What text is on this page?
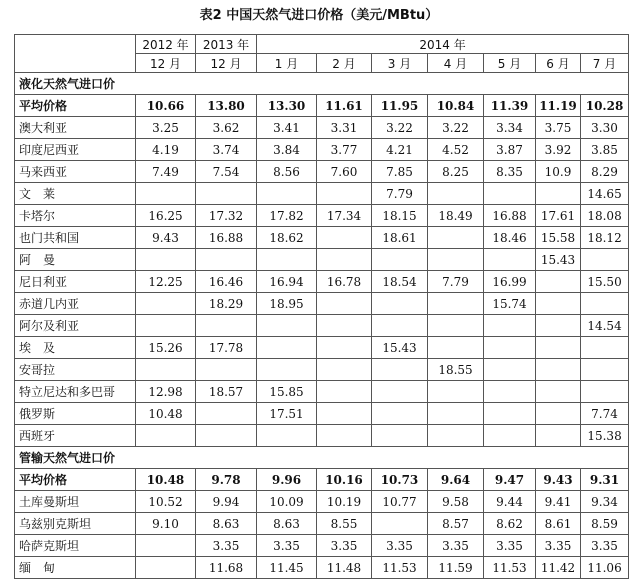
表2 中国天然气进口价格（美元/MBtu）
	2012 年	2013 年	2014 年						
	12 月	12 月	1 月	2 月	3 月	4 月	5 月	6 月	7 月
液化天然气进口价									
平均价格	10.66	13.80	13.30	11.61	11.95	10.84	11.39	11.19	10.28
澳大利亚	3.25	3.62	3.41	3.31	3.22	3.22	3.34	3.75	3.30
印度尼西亚	4.19	3.74	3.84	3.77	4.21	4.52	3.87	3.92	3.85
马来西亚	7.49	7.54	8.56	7.60	7.85	8.25	8.35	10.9	8.29
文　莱					7.79				14.65
卡塔尔	16.25	17.32	17.82	17.34	18.15	18.49	16.88	17.61	18.08
也门共和国	9.43	16.88	18.62		18.61		18.46	15.58	18.12
阿　曼								15.43	
尼日利亚	12.25	16.46	16.94	16.78	18.54	7.79	16.99		15.50
赤道几内亚		18.29	18.95				15.74		
阿尔及利亚									14.54
埃　及	15.26	17.78			15.43				
安哥拉						18.55			
特立尼达和多巴哥	12.98	18.57	15.85						
俄罗斯	10.48		17.51						7.74
西班牙									15.38
管输天然气进口价									
平均价格	10.48	9.78	9.96	10.16	10.73	9.64	9.47	9.43	9.31
土库曼斯坦	10.52	9.94	10.09	10.19	10.77	9.58	9.44	9.41	9.34
乌兹别克斯坦	9.10	8.63	8.63	8.55		8.57	8.62	8.61	8.59
哈萨克斯坦		3.35	3.35	3.35	3.35	3.35	3.35	3.35	3.35
缅　甸		11.68	11.45	11.48	11.53	11.59	11.53	11.42	11.06
